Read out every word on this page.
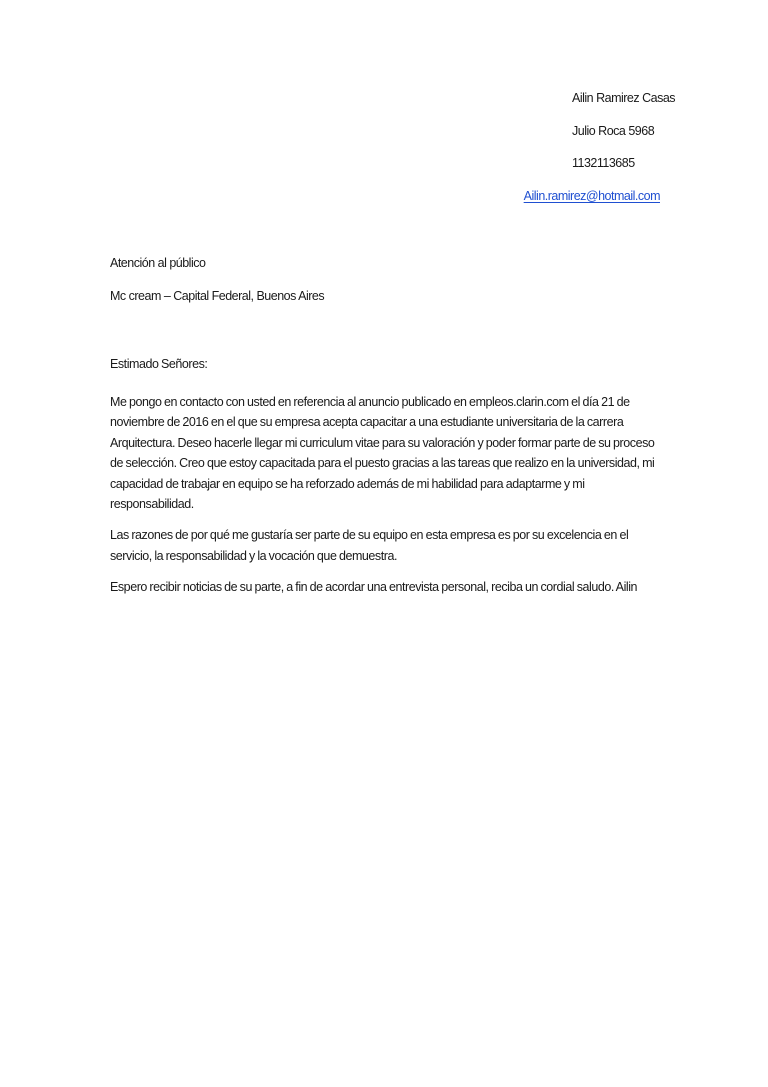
Ailin Ramirez Casas
Julio Roca 5968
1132113685
Ailin.ramirez@hotmail.com
Atención al público
Mc cream – Capital Federal, Buenos Aires

Estimado Señores:

Me pongo en contacto con usted en referencia al anuncio publicado en empleos.clarin.com el día 21 de noviembre de 2016 en el que su empresa acepta capacitar a una estudiante universitaria de la carrera Arquitectura. Deseo hacerle llegar mi curriculum vitae para su valoración y poder formar parte de su proceso de selección. Creo que estoy capacitada para el puesto gracias a las tareas que realizo en la universidad, mi capacidad de trabajar en equipo se ha reforzado además de mi habilidad para adaptarme y mi responsabilidad.

Las razones de por qué me gustaría ser parte de su equipo en esta empresa es por su excelencia en el servicio, la responsabilidad y la vocación que demuestra.

Espero recibir noticias de su parte, a fin de acordar una entrevista personal, reciba un cordial saludo. Ailin
